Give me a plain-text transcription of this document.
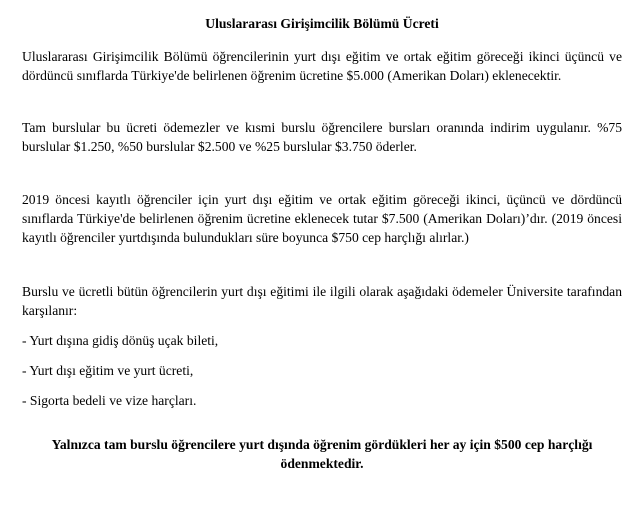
Uluslararası Girişimcilik Bölümü Ücreti

Uluslararası Girişimcilik Bölümü öğrencilerinin yurt dışı eğitim ve ortak eğitim göreceği ikinci üçüncü ve dördüncü sınıflarda Türkiye'de belirlenen öğrenim ücretine $5.000 (Amerikan Doları) eklenecektir.

Tam burslular bu ücreti ödemezler ve kısmi burslu öğrencilere bursları oranında indirim uygulanır. %75 burslular $1.250, %50 burslular $2.500 ve %25 burslular $3.750 öderler.

2019 öncesi kayıtlı öğrenciler için yurt dışı eğitim ve ortak eğitim göreceği ikinci, üçüncü ve dördüncü sınıflarda Türkiye'de belirlenen öğrenim ücretine eklenecek tutar $7.500 (Amerikan Doları)’dır. (2019 öncesi kayıtlı öğrenciler yurtdışında bulundukları süre boyunca $750 cep harçlığı alırlar.)

Burslu ve ücretli bütün öğrencilerin yurt dışı eğitimi ile ilgili olarak aşağıdaki ödemeler Üniversite tarafından karşılanır:

- Yurt dışına gidiş dönüş uçak bileti,

- Yurt dışı eğitim ve yurt ücreti,

- Sigorta bedeli ve vize harçları.

Yalnızca tam burslu öğrencilere yurt dışında öğrenim gördükleri her ay için $500 cep harçlığı ödenmektedir.
